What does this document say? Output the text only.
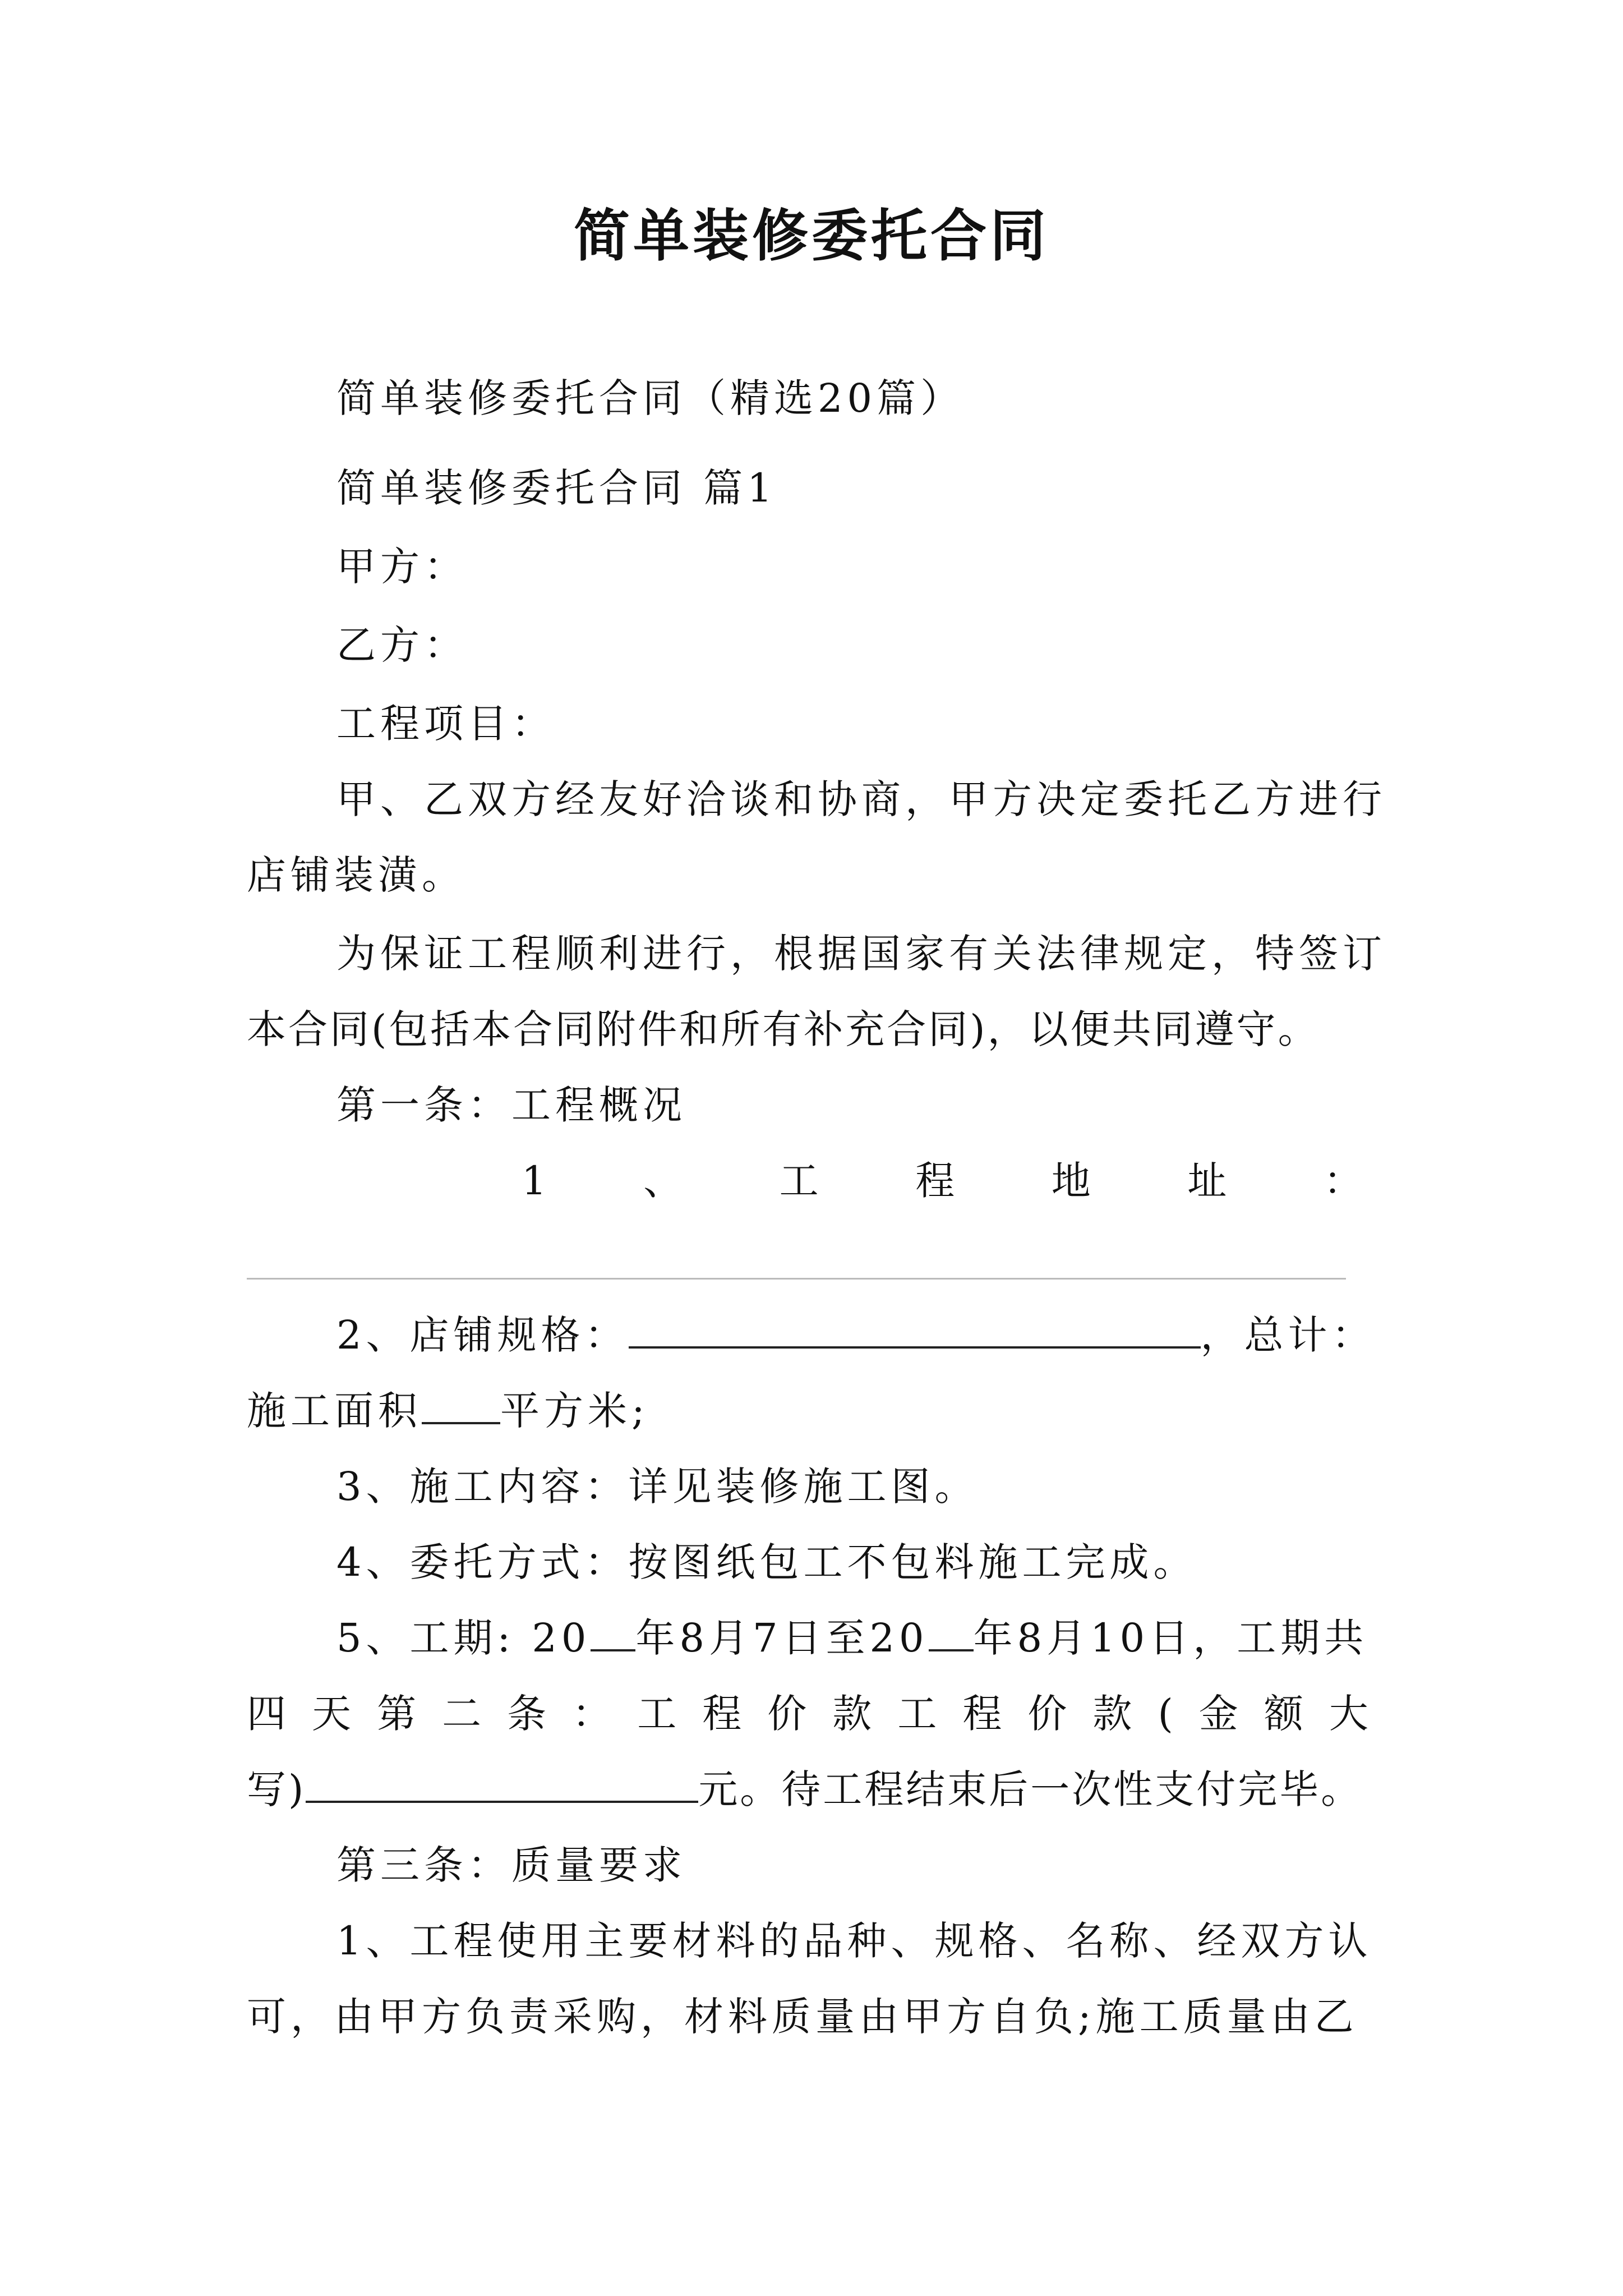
简单装修委托合同
简单装修委托合同（精选20篇）
简单装修委托合同 篇1
甲方：
乙方：
工程项目：
甲、乙双方经友好洽谈和协商，甲方决定委托乙方进行
店铺装潢。
为保证工程顺利进行，根据国家有关法律规定，特签订
本合同(包括本合同附件和所有补充合同)，以便共同遵守。
第一条：工程概况
1 、 工 程 地 址 ：
2、店铺规格：	，总计：
施工面积 平方米;
3、施工内容：详见装修施工图。
4、委托方式：按图纸包工不包料施工完成。
5、工期: 20 年8月7日至20 年8月10日，工期共
四 天 第 二 条 ： 工 程 价 款 工 程 价 款 ( 金 额 大
写)	元。待工程结束后一次性支付完毕。
第三条：质量要求
1、工程使用主要材料的品种、规格、名称、经双方认
可，由甲方负责采购，材料质量由甲方自负;施工质量由乙
